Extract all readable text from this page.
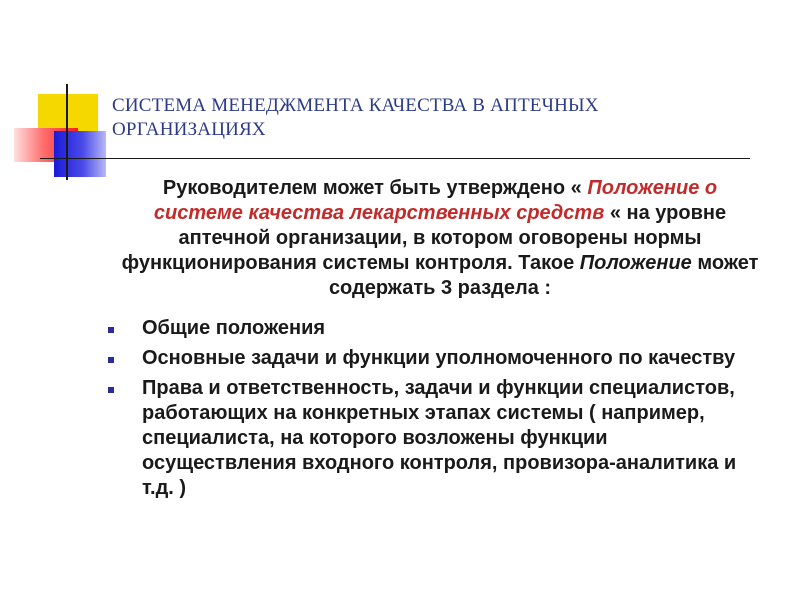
СИСТЕМА МЕНЕДЖМЕНТА КАЧЕСТВА В АПТЕЧНЫХ ОРГАНИЗАЦИЯХ
Руководителем может быть утверждено « Положение о системе качества лекарственных средств « на уровне аптечной организации, в котором оговорены нормы функционирования системы контроля. Такое Положение может содержать 3 раздела :
Общие положения
Основные задачи и функции уполномоченного по качеству
Права и ответственность, задачи и функции специалистов, работающих на конкретных этапах системы ( например, специалиста, на которого возложены функции осуществления входного контроля, провизора-аналитика и т.д. )
